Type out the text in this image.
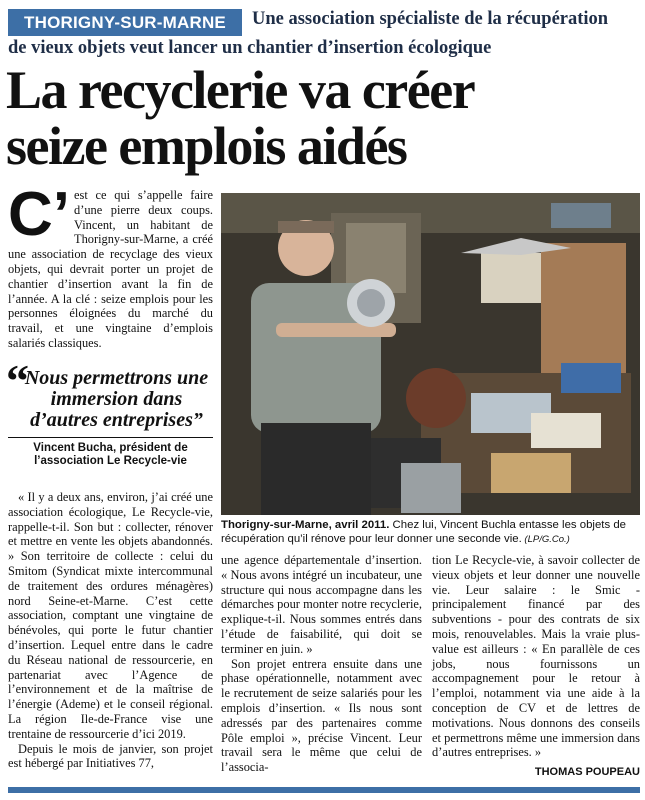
THORIGNY-SUR-MARNE	Une association spécialiste de la récupération
de vieux objets veut lancer un chantier d’insertion écologique
La recyclerie va créer
seize emplois aidés
C’ est ce qui s’appelle faire d’une pierre deux coups. Vincent, un habitant de Thorigny-sur-Marne, a créé une association de recyclage des vieux objets, qui devrait porter un projet de chantier d’insertion avant la fin de l’année. A la clé : seize emplois pour les personnes éloignées du marché du travail, et une vingtaine d’emplois salariés classiques.
“
Nous permettrons une immersion dans d’autres entreprises”
Vincent Bucha, président de l’association Le Recycle-vie
Thorigny-sur-Marne, avril 2011. Chez lui, Vincent Buchla entasse les objets de récupération qu’il rénove pour leur donner une seconde vie. (LP/G.Co.)

« Il y a deux ans, environ, j’ai créé une association écologique, Le Recycle-vie, rappelle-t-il. Son but : collecter, rénover et mettre en vente les objets abandonnés. » Son territoire de collecte : celui du Smitom (Syndicat mixte intercommunal de traitement des ordures ménagères) nord Seine-et-Marne. C’est cette association, comptant une vingtaine de bénévoles, qui porte le futur chantier d’insertion. Lequel entre dans le cadre du Réseau national de ressourcerie, en partenariat avec l’Agence de l’environnement et de la maîtrise de l’énergie (Ademe) et le conseil régional. La région Ile-de-France vise une trentaine de ressourcerie d’ici 2019.

Depuis le mois de janvier, son projet est hébergé par Initiatives 77,

une agence départementale d’insertion. « Nous avons intégré un incubateur, une structure qui nous accompagne dans les démarches pour monter notre recyclerie, explique-t-il. Nous sommes entrés dans l’étude de faisabilité, qui doit se terminer en juin. »

Son projet entrera ensuite dans une phase opérationnelle, notamment avec le recrutement de seize salariés pour les emplois d’insertion. « Ils nous sont adressés par des partenaires comme Pôle emploi », précise Vincent. Leur travail sera le même que celui de l’associa-

tion Le Recycle-vie, à savoir collecter de vieux objets et leur donner une nouvelle vie. Leur salaire : le Smic - principalement financé par des subventions - pour des contrats de six mois, renouvelables. Mais la vraie plus-value est ailleurs : « En parallèle de ces jobs, nous fournissons un accompagnement pour le retour à l’emploi, notamment via une aide à la conception de CV et de lettres de motivations. Nous donnons des conseils et permettrons même une immersion dans d’autres entreprises. »

THOMAS POUPEAU
